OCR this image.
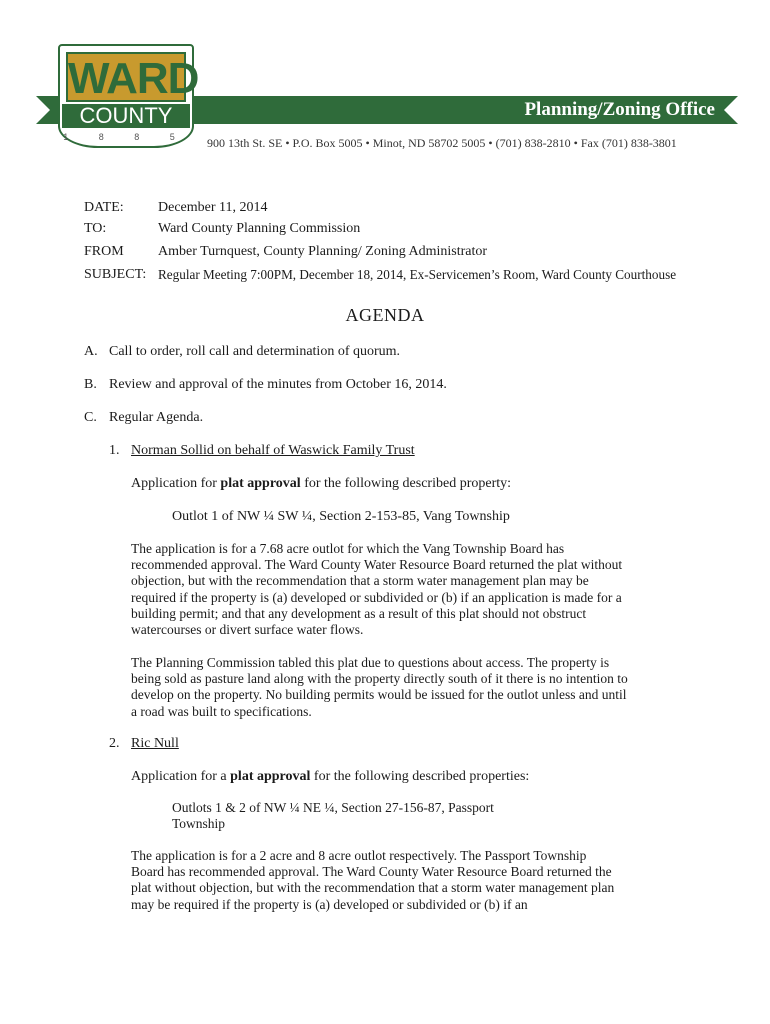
Planning/Zoning Office
WARD
COUNTY
1 8 8 5 900 13th St. SE • P.O. Box 5005 • Minot, ND 58702 5005 • (701) 838-2810 • Fax (701) 838-3801
DATE: December 11, 2014
TO:	Ward County Planning Commission
FROM Amber Turnquest, County Planning/ Zoning Administrator
SUBJECT: Regular Meeting 7:00PM, December 18, 2014, Ex-Servicemen’s Room, Ward County Courthouse
AGENDA
A. Call to order, roll call and determination of quorum.
B. Review and approval of the minutes from October 16, 2014.
C. Regular Agenda.
1. Norman Sollid on behalf of Waswick Family Trust
Application for plat approval for the following described property:
Outlot 1 of NW ¼ SW ¼, Section 2-153-85, Vang Township
The application is for a 7.68 acre outlot for which the Vang Township Board has recommended approval. The Ward County Water Resource Board returned the plat without objection, but with the recommendation that a storm water management plan may be required if the property is (a) developed or subdivided or (b) if an application is made for a building permit; and that any development as a result of this plat should not obstruct watercourses or divert surface water flows.
The Planning Commission tabled this plat due to questions about access. The property is being sold as pasture land along with the property directly south of it there is no intention to develop on the property. No building permits would be issued for the outlot unless and until a road was built to specifications.
2. Ric Null
Application for a plat approval for the following described properties:
Outlots 1 & 2 of NW ¼ NE ¼, Section 27-156-87, Passport Township
The application is for a 2 acre and 8 acre outlot respectively. The Passport Township Board has recommended approval. The Ward County Water Resource Board returned the plat without objection, but with the recommendation that a storm water management plan may be required if the property is (a) developed or subdivided or (b) if an
